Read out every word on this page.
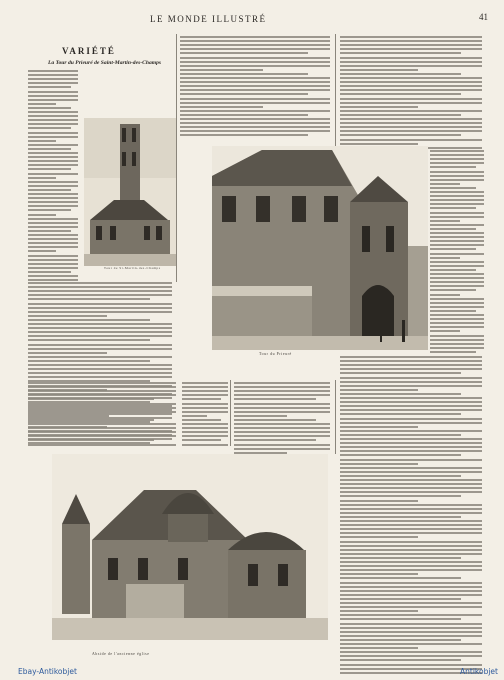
LE MONDE ILLUSTRÉ	41
VARIÉTÉ
La Tour du Prieuré de Saint-Martin-des-Champs
Tour de St-Martin-des-Champs
Tour du Prieuré
Abside de l'ancienne église
Ebay-Antikobjet	Antikobjet
